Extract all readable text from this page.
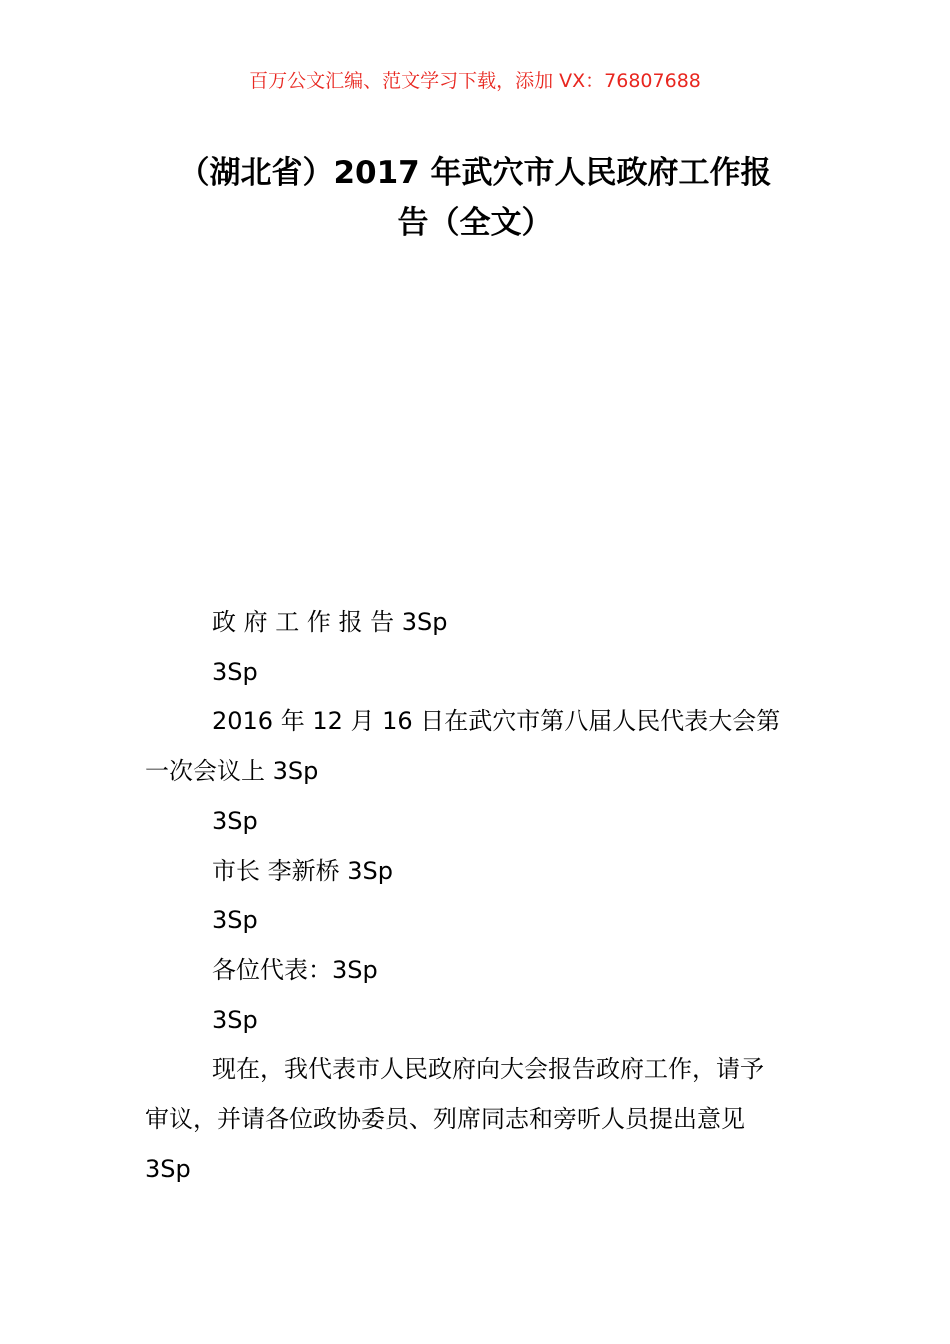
百万公文汇编、范文学习下载，添加 VX：76807688
（湖北省）2017 年武穴市人民政府工作报
告（全文）
政 府 工 作 报 告 3Sp
3Sp
2016 年 12 月 16 日在武穴市第八届人民代表大会第
一次会议上 3Sp
3Sp
市长 李新桥 3Sp
3Sp
各位代表：3Sp
3Sp
现在，我代表市人民政府向大会报告政府工作，请予
审议，并请各位政协委员、列席同志和旁听人员提出意见
3Sp
